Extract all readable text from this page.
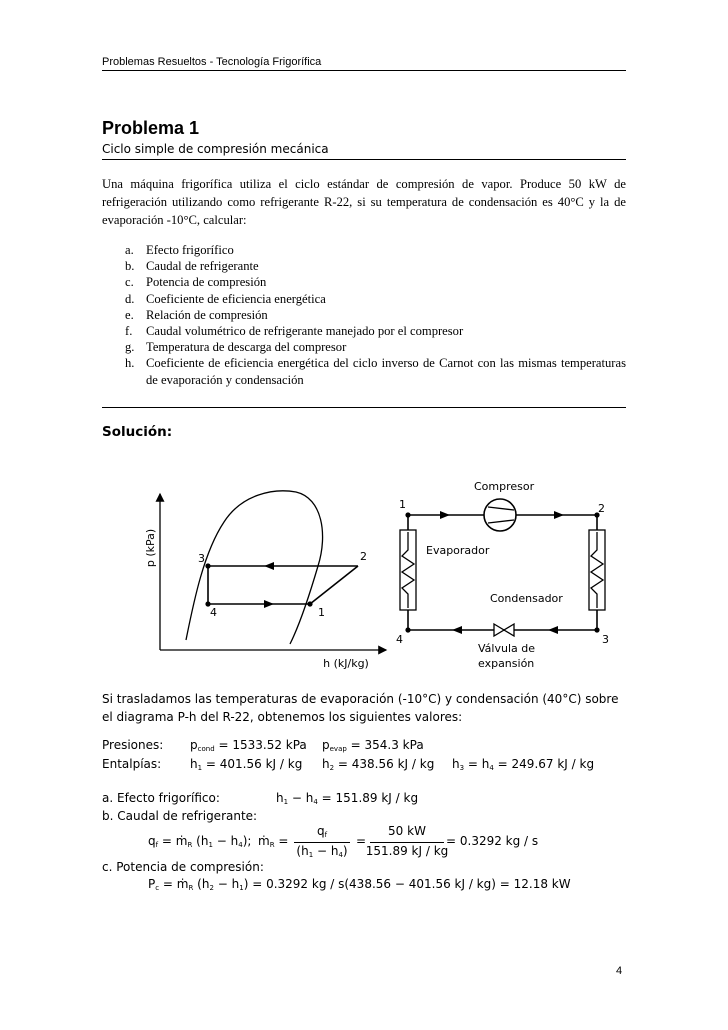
Problemas Resueltos - Tecnología Frigorífica
Problema 1
Ciclo simple de compresión mecánica
Una máquina frigorífica utiliza el ciclo estándar de compresión de vapor. Produce 50 kW de refrigeración utilizando como refrigerante R-22, si su temperatura de condensación es 40°C y la de evaporación -10°C, calcular:
a. Efecto frigorífico
b. Caudal de refrigerante
c. Potencia de compresión
d. Coeficiente de eficiencia energética
e. Relación de compresión
f. Caudal volumétrico de refrigerante manejado por el compresor
g. Temperatura de descarga del compresor
h. Coeficiente de eficiencia energética del ciclo inverso de Carnot con las mismas temperaturas de evaporación y condensación
Solución:
p (kPa)
h (kJ/kg)
3
4	1
2
Compresor
Evaporador
Condensador
Válvula de
expansión
1	2
3
4
Si trasladamos las temperaturas de evaporación (-10°C) y condensación (40°C) sobre el diagrama P-h del R-22, obtenemos los siguientes valores:
Presiones: $p_{cond} = 1533.52$ kPa $p_{evap} = 354.3$ kPa
Entalpías: $h_1 = 401.56$ kJ / kg $h_2 = 438.56$ kJ / kg $h_3 = h_4 = 249.67$ kJ / kg
a. Efecto frigorífico:	$h_1 - h_4 = 151.89$ kJ / kg
b. Caudal de refrigerante:
$q_f$ = ṁ$_R$ $(h_1 - h_4)$; ṁ$_R$ =
$q_f$
$(h_1 - h_4)$
=
50 kW
151.89 kJ / kg
= 0.3292 kg / s
c. Potencia de compresión:
$P_c$ = ṁ$_R$ $(h_2 - h_1) = 0.3292$ kg / s(438.56 − 401.56 kJ / kg) = 12.18 kW
4
